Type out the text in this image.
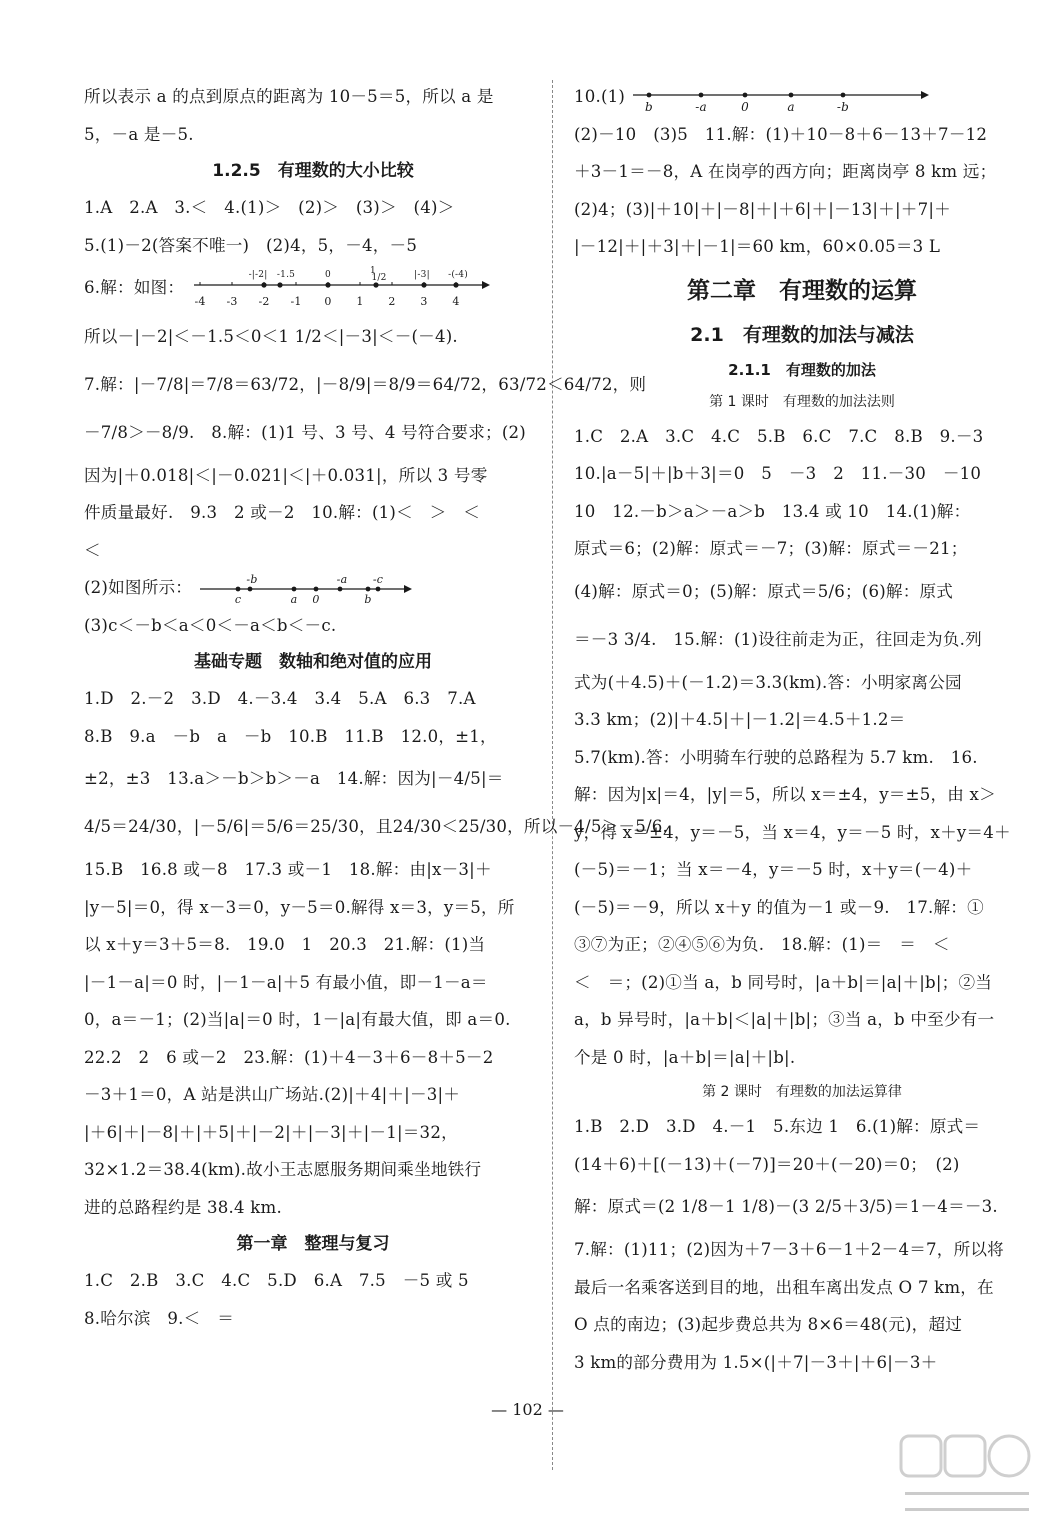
所以表示 a 的点到原点的距离为 10－5＝5，所以 a 是
5，－a 是－5.
1.2.5　有理数的大小比较
1.A　2.A　3.＜　4.(1)＞　(2)＞　(3)＞　(4)＞
5.(1)－2(答案不唯一)　(2)4，5，－4，－5
6.解：如图：
-4 -3 -2 -1 0 1 2 3 4
-|-2| -1.5	0	1
1/2	|-3| -(-4)
所以－|－2|＜－1.5＜0＜1 1/2＜|－3|＜－(－4).
7.解：|－7/8|＝7/8＝63/72，|－8/9|＝8/9＝64/72，63/72＜64/72，则
－7/8＞－8/9.　8.解：(1)1 号、3 号、4 号符合要求；(2)
因为|＋0.018|＜|－0.021|＜|＋0.031|，所以 3 号零
件质量最好.　9.3　2 或－2　10.解：(1)＜　＞　＜
＜
(2)如图所示：	-b	-a -c
c	a 0	b
(3)c＜－b＜a＜0＜－a＜b＜－c.
基础专题　数轴和绝对值的应用
1.D　2.－2　3.D　4.－3.4　3.4　5.A　6.3　7.A
8.B　9.a　－b　a　－b　10.B　11.B　12.0，±1，
±2，±3　13.a＞－b＞b＞－a　14.解：因为|－4/5|＝
4/5＝24/30，|－5/6|＝5/6＝25/30，且24/30＜25/30，所以－4/5＞－5/6.
15.B　16.8 或－8　17.3 或－1　18.解：由|x－3|＋
|y－5|＝0，得 x－3＝0，y－5＝0.解得 x＝3，y＝5，所
以 x＋y＝3＋5＝8.　19.0　1　20.3　21.解：(1)当
|－1－a|＝0 时，|－1－a|＋5 有最小值，即－1－a＝
0，a＝－1；(2)当|a|＝0 时，1－|a|有最大值，即 a＝0.
22.2　2　6 或－2　23.解：(1)＋4－3＋6－8＋5－2
－3＋1＝0，A 站是洪山广场站.(2)|＋4|＋|－3|＋
|＋6|＋|－8|＋|＋5|＋|－2|＋|－3|＋|－1|＝32，
32×1.2＝38.4(km).故小王志愿服务期间乘坐地铁行
进的总路程约是 38.4 km.
第一章　整理与复习
1.C　2.B　3.C　4.C　5.D　6.A　7.5　－5 或 5
8.哈尔滨　9.＜　＝
10.(1)
b	-a	0	a	-b
(2)－10　(3)5　11.解：(1)＋10－8＋6－13＋7－12
＋3－1＝－8，A 在岗亭的西方向；距离岗亭 8 km 远；
(2)4；(3)|＋10|＋|－8|＋|＋6|＋|－13|＋|＋7|＋
|－12|＋|＋3|＋|－1|＝60 km，60×0.05＝3 L
第二章　有理数的运算
2.1　有理数的加法与减法
2.1.1　有理数的加法
第 1 课时　有理数的加法法则
1.C　2.A　3.C　4.C　5.B　6.C　7.C　8.B　9.－3
10.|a－5|＋|b＋3|＝0　5　－3　2　11.－30　－10
10　12.－b＞a＞－a＞b　13.4 或 10　14.(1)解：
原式＝6；(2)解：原式＝－7；(3)解：原式＝－21；
(4)解：原式＝0；(5)解：原式＝5/6；(6)解：原式
＝－3 3/4.　15.解：(1)设往前走为正，往回走为负.列
式为(＋4.5)＋(－1.2)＝3.3(km).答：小明家离公园
3.3 km；(2)|＋4.5|＋|－1.2|＝4.5＋1.2＝
5.7(km).答：小明骑车行驶的总路程为 5.7 km.　16.
解：因为|x|＝4，|y|＝5，所以 x＝±4，y＝±5，由 x＞
y，得 x＝±4，y＝－5，当 x＝4，y＝－5 时，x＋y＝4＋
(－5)＝－1；当 x＝－4，y＝－5 时，x＋y＝(－4)＋
(－5)＝－9，所以 x＋y 的值为－1 或－9.　17.解：①
③⑦为正；②④⑤⑥为负.　18.解：(1)＝　＝　＜
＜　＝；(2)①当 a，b 同号时，|a＋b|＝|a|＋|b|；②当
a，b 异号时，|a＋b|＜|a|＋|b|；③当 a，b 中至少有一
个是 0 时，|a＋b|＝|a|＋|b|.
第 2 课时　有理数的加法运算律
1.B　2.D　3.D　4.－1　5.东边 1　6.(1)解：原式＝
(14＋6)＋[(－13)＋(－7)]＝20＋(－20)＝0；　(2)
解：原式＝(2 1/8－1 1/8)－(3 2/5＋3/5)＝1－4＝－3.
7.解：(1)11；(2)因为＋7－3＋6－1＋2－4＝7，所以将
最后一名乘客送到目的地，出租车离出发点 O 7 km，在
O 点的南边；(3)起步费总共为 8×6＝48(元)，超过
3 km的部分费用为 1.5×(|＋7|－3＋|＋6|－3＋
— 102 —
